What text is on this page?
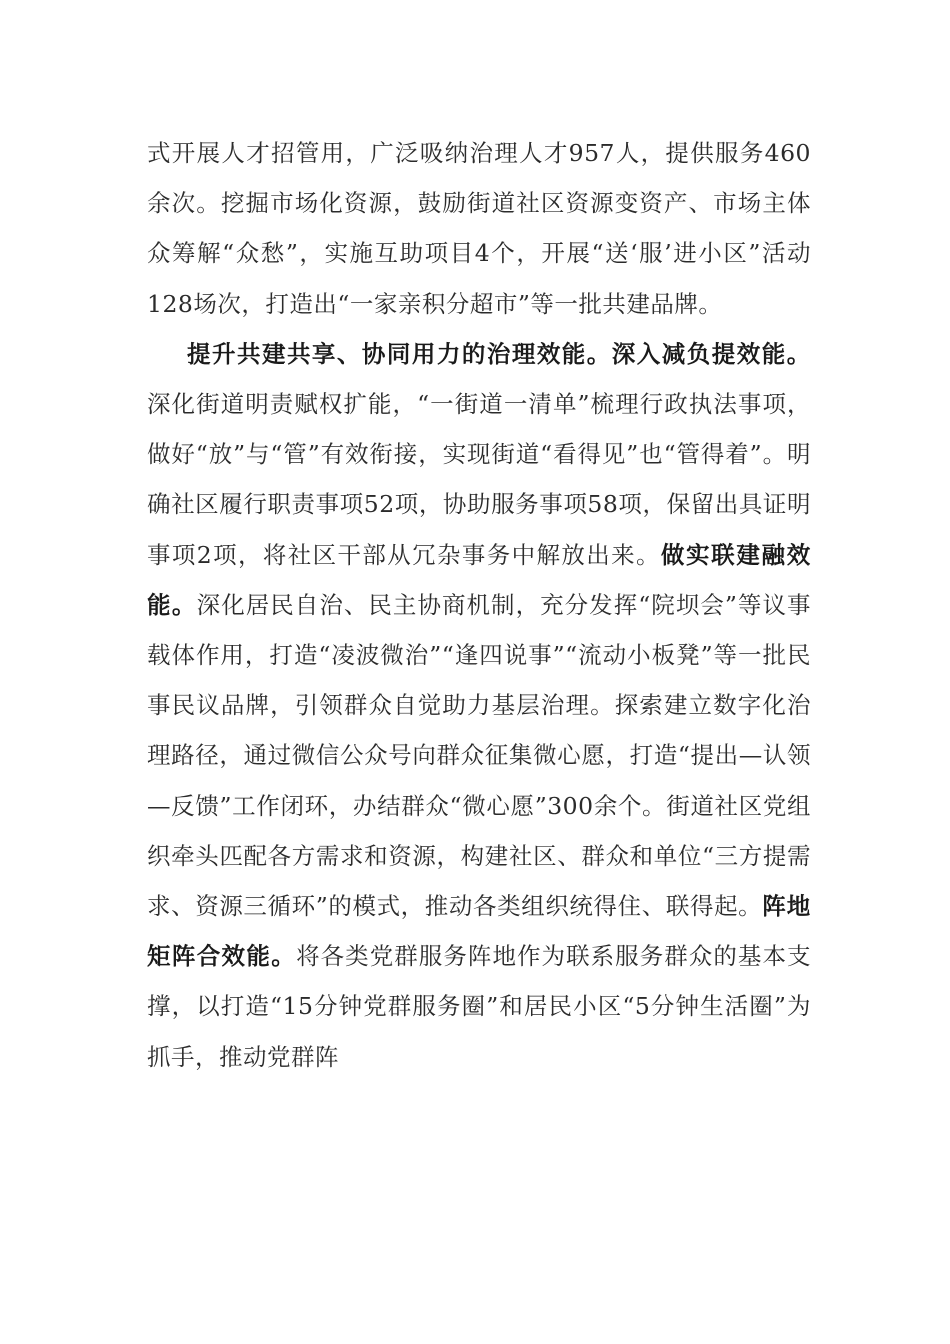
式开展人才招管用，广泛吸纳治理人才957人，提供服务460余次。挖掘市场化资源，鼓励街道社区资源变资产、市场主体众筹解“众愁”，实施互助项目4个，开展“送‘服’进小区”活动128场次，打造出“一家亲积分超市”等一批共建品牌。

提升共建共享、协同用力的治理效能。深入减负提效能。深化街道明责赋权扩能，“一街道一清单”梳理行政执法事项，做好“放”与“管”有效衔接，实现街道“看得见”也“管得着”。明确社区履行职责事项52项，协助服务事项58项，保留出具证明事项2项，将社区干部从冗杂事务中解放出来。做实联建融效能。深化居民自治、民主协商机制，充分发挥“院坝会”等议事载体作用，打造“凌波微治”“逢四说事”“流动小板凳”等一批民事民议品牌，引领群众自觉助力基层治理。探索建立数字化治理路径，通过微信公众号向群众征集微心愿，打造“提出—认领—反馈”工作闭环，办结群众“微心愿”300余个。街道社区党组织牵头匹配各方需求和资源，构建社区、群众和单位“三方提需求、资源三循环”的模式，推动各类组织统得住、联得起。阵地矩阵合效能。将各类党群服务阵地作为联系服务群众的基本支撑，以打造“15分钟党群服务圈”和居民小区“5分钟生活圈”为抓手，推动党群阵
